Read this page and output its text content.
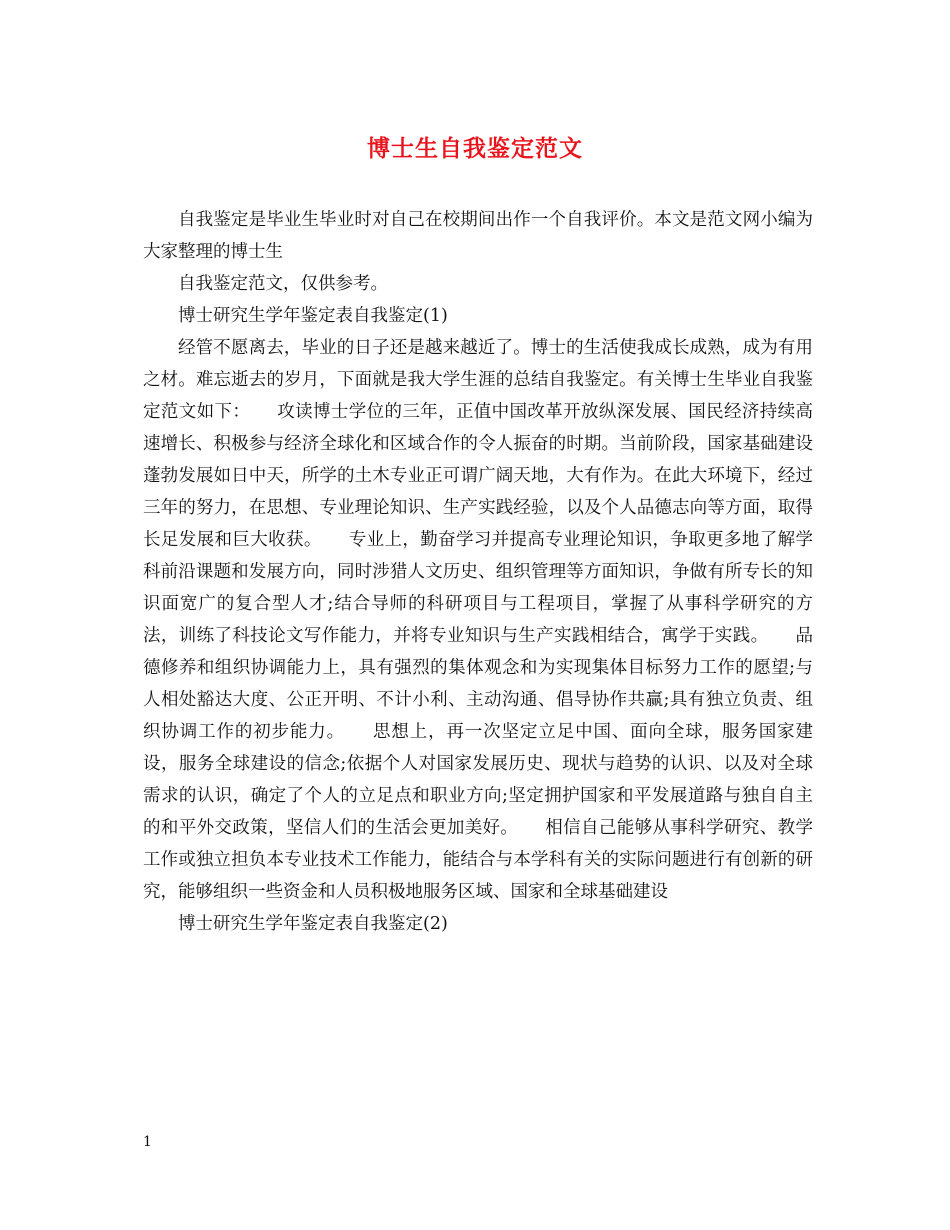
博士生自我鉴定范文

自我鉴定是毕业生毕业时对自己在校期间出作一个自我评价。本文是范文网小编为大家整理的博士生

自我鉴定范文，仅供参考。

博士研究生学年鉴定表自我鉴定(1)

经管不愿离去，毕业的日子还是越来越近了。博士的生活使我成长成熟，成为有用之材。难忘逝去的岁月，下面就是我大学生涯的总结自我鉴定。有关博士生毕业自我鉴定范文如下：　　攻读博士学位的三年，正值中国改革开放纵深发展、国民经济持续高速增长、积极参与经济全球化和区域合作的令人振奋的时期。当前阶段，国家基础建设蓬勃发展如日中天，所学的土木专业正可谓广阔天地，大有作为。在此大环境下，经过三年的努力，在思想、专业理论知识、生产实践经验，以及个人品德志向等方面，取得长足发展和巨大收获。　　专业上，勤奋学习并提高专业理论知识，争取更多地了解学科前沿课题和发展方向，同时涉猎人文历史、组织管理等方面知识，争做有所专长的知识面宽广的复合型人才;结合导师的科研项目与工程项目，掌握了从事科学研究的方法，训练了科技论文写作能力，并将专业知识与生产实践相结合，寓学于实践。　　品德修养和组织协调能力上，具有强烈的集体观念和为实现集体目标努力工作的愿望;与人相处豁达大度、公正开明、不计小利、主动沟通、倡导协作共赢;具有独立负责、组织协调工作的初步能力。　　思想上，再一次坚定立足中国、面向全球，服务国家建设，服务全球建设的信念;依据个人对国家发展历史、现状与趋势的认识、以及对全球需求的认识，确定了个人的立足点和职业方向;坚定拥护国家和平发展道路与独自自主的和平外交政策，坚信人们的生活会更加美好。　　相信自己能够从事科学研究、教学工作或独立担负本专业技术工作能力，能结合与本学科有关的实际问题进行有创新的研究，能够组织一些资金和人员积极地服务区域、国家和全球基础建设

博士研究生学年鉴定表自我鉴定(2)

1
